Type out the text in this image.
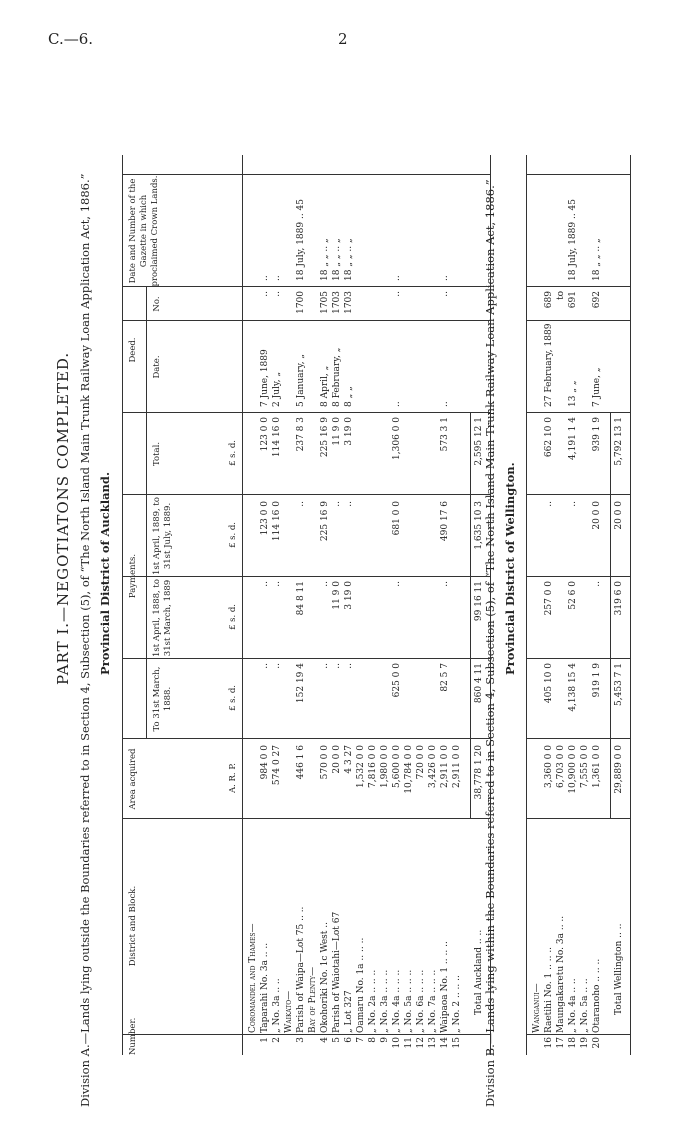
C.—6.	2
PART I.—NEGOTIATONS COMPLETED. Division A.—Lands lying outside the Boundaries referred to in Section 4, Subsection (5), of “The North Island Main Trunk Railway Loan Application Act, 1886.” Provincial District of Auckland.	Division B.—Lands lying within the Boundaries referred to in Section 4, Subsection (5), of “The North Island Main Trunk Railway Loan Application Act, 1886.” Provincial District of Wellington.
Number.
District and Block.
Area acquired
Payments.
Deed.
Date and Number of the Gazette in which proclaimed Crown Lands.
To 31st March, 1888.
1st April, 1888, to 31st March, 1889
1st April, 1889, to 31st July, 1889.
Total.
Date.
No.
A. R. P.
£ s. d.
£ s. d.
£ s. d.
£ s. d.
Coromandel and Thames—
1
Taparahi No. 3a .. ..
984 0 0
..
..
123 0 0
123 0 0
7 June, 1889
..
..
2
„ No. 3a .. ..
574 0 27
..
..
114 16 0
114 16 0
2 July, „
..
..
Waikato—
3
Parish of Waipa—Lot 75 .. ..
446 1 6
152 19 4
84 8 11
..
237 8 3
5 January, „
1700
18 July, 1889 .. 45
Bay of Plenty—
4
Okohoriki No. 1c West ..
570 0 0
..
..
225 16 9
225 16 9
8 April, „
1705
18 „ „ .. „
5
Parish of Waiotahi—Lot 67
20 0 0
..
11 9 0
..
11 9 0
8 February, „
1703
18 „ „ .. „
6
„ Lot 327
4 3 27
..
3 19 0
..
3 19 0
8 „ „
1703
18 „ „ .. „
7
Oamaru No. 1a .. .. ..
1,532 0 0
8
„ No. 2a .. .. ..
7,816 0 0
9
„ No. 3a .. .. ..
1,980 0 0
10
„ No. 4a .. .. ..
5,600 0 0
625 0 0
..
681 0 0
1,306 0 0
..
..
..
11
„ No. 5a .. .. ..
10,784 0 0
12
„ No. 6a .. .. ..
720 0 0
13
„ No. 7a .. .. ..
3,426 0 0
14
Waipaoa No. 1 .. .. ..
2,911 0 0
82 5 7
..
490 17 6
573 3 1
..
..
..
15
„ No. 2 .. .. ..
2,911 0 0
Total Auckland .. ..
38,778 1 20
860 4 11
99 16 11
1,635 10 3
2,595 12 1
Wanganui—
16
Raetihi No. 1 .. .. ..
3,360 0 0
405 10 0
257 0 0
..
662 10 0
27 February, 1889
689
17
Maungakaretu No. 3a .. ..
6,703 0 0
to
18
„ No. 4a .. ..
10,900 0 0
4,138 15 4
52 6 0
..
4,191 1 4
13 „ „
691
18 July, 1889 .. 45
19
„ No. 5a .. ..
7,555 0 0
20
Otaranoho .. .. ..
1,361 0 0
919 1 9
..
20 0 0
939 1 9
7 June, „
692
18 „ „ .. „
Total Wellington .. ..
29,889 0 0
5,453 7 1
319 6 0
20 0 0
5,792 13 1
